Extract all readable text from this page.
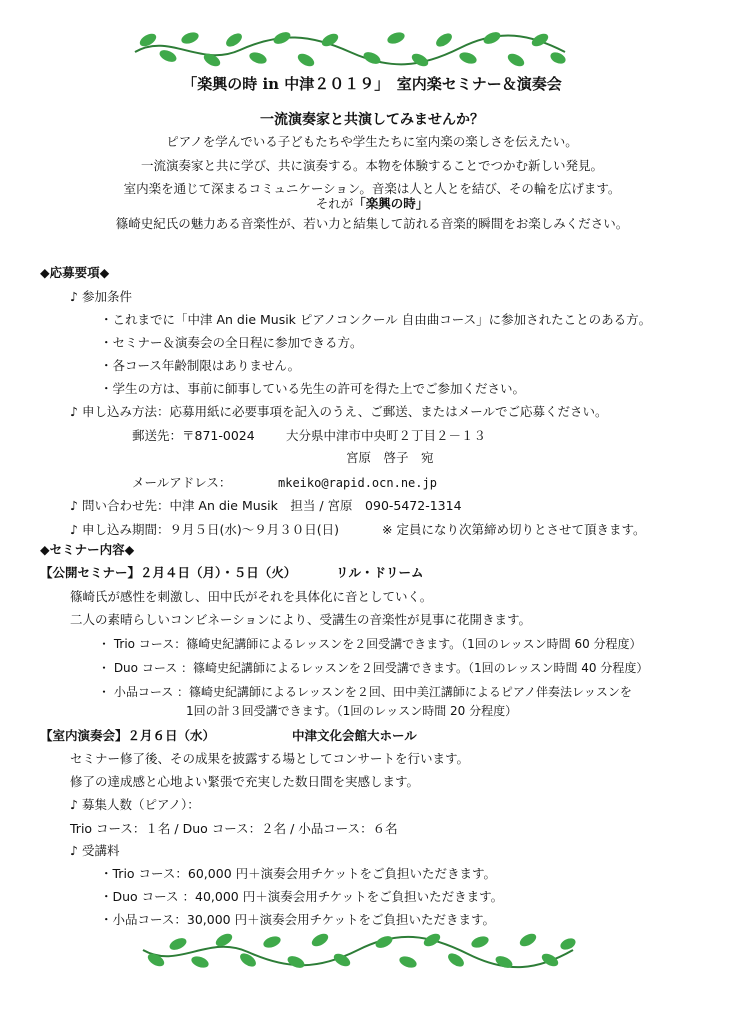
「楽興の時 in 中津２０１９」　室内楽セミナー＆演奏会
一流演奏家と共演してみませんか？
ピアノを学んでいる子どもたちや学生たちに室内楽の楽しさを伝えたい。
一流演奏家と共に学び、共に演奏する。本物を体験することでつかむ新しい発見。
室内楽を通じて深まるコミュニケーション。音楽は人と人とを結び、その輪を広げます。
それが「楽興の時」
篠崎史紀氏の魅力ある音楽性が、若い力と結集して訪れる音楽的瞬間をお楽しみください。
◆応募要項◆
♪ 参加条件
・これまでに「中津 An die Musik ピアノコンクール 自由曲コース」に参加されたことのある方。
・セミナー＆演奏会の全日程に参加できる方。
・各コース年齢制限はありません。
・学生の方は、事前に師事している先生の許可を得た上でご参加ください。
♪ 申し込み方法：応募用紙に必要事項を記入のうえ、ご郵送、またはメールでご応募ください。
郵送先：〒871-0024	大分県中津市中央町２丁目２－１３
宮原　啓子　宛
メールアドレス：	mkeiko@rapid.ocn.ne.jp
♪ 問い合わせ先：中津 An die Musik　担当 / 宮原　090-5472-1314
♪ 申し込み期間：９月５日(水)～９月３０日(日)	※ 定員になり次第締め切りとさせて頂きます。
◆セミナー内容◆
【公開セミナー】２月４日（月）・５日（火）	リル・ドリーム
篠崎氏が感性を刺激し、田中氏がそれを具体化に音としていく。
二人の素晴らしいコンビネーションにより、受講生の音楽性が見事に花開きます。
・ Trio コース：篠崎史紀講師によるレッスンを２回受講できます。（1回のレッスン時間 60 分程度）
・ Duo コース ：篠崎史紀講師によるレッスンを２回受講できます。（1回のレッスン時間 40 分程度）
・ 小品コース ：篠崎史紀講師によるレッスンを２回、田中美江講師によるピアノ伴奏法レッスンを
1回の計３回受講できます。（1回のレッスン時間 20 分程度）
【室内演奏会】２月６日（水）	中津文化会館大ホール
セミナー修了後、その成果を披露する場としてコンサートを行います。
修了の達成感と心地よい緊張で充実した数日間を実感します。
♪ 募集人数（ピアノ）：
Trio コース：１名 / Duo コース：２名 / 小品コース：６名
♪ 受講料
・Trio コース：60,000 円＋演奏会用チケットをご負担いただきます。
・Duo コース ：40,000 円＋演奏会用チケットをご負担いただきます。
・小品コース：30,000 円＋演奏会用チケットをご負担いただきます。
